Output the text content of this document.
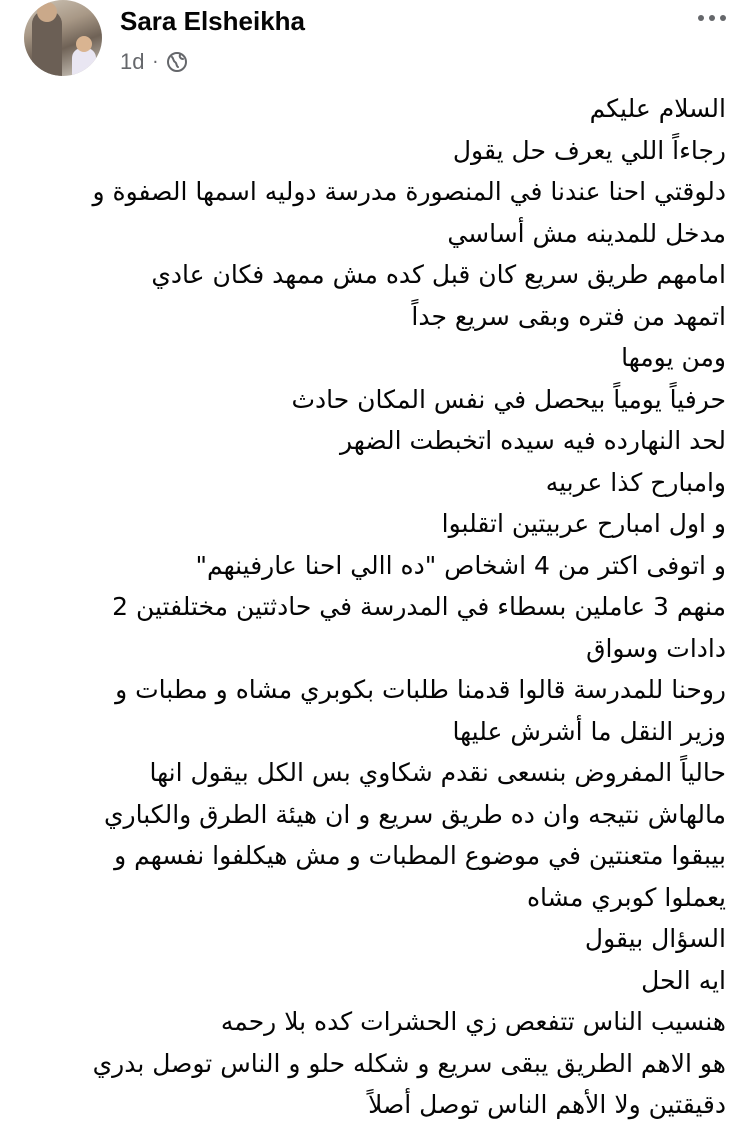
Sara Elsheikha
1d ·

السلام عليكم

رجاءاً اللي يعرف حل يقول

دلوقتي احنا عندنا في المنصورة مدرسة دوليه اسمها الصفوة و

مدخل للمدينه مش أساسي

امامهم طريق سريع كان قبل كده مش ممهد فكان عادي

اتمهد من فتره وبقى سريع جداً

ومن يومها

حرفياً يومياً بيحصل في نفس المكان حادث

لحد النهارده فيه سيده اتخبطت الضهر

وامبارح كذا عربيه

و اول امبارح عربيتين اتقلبوا

و اتوفى اكتر من 4 اشخاص "ده االي احنا عارفينهم"

منهم 3 عاملين بسطاء في المدرسة في حادثتين مختلفتين 2

دادات وسواق

روحنا للمدرسة قالوا قدمنا طلبات بكوبري مشاه و مطبات و

وزير النقل ما أشرش عليها

حالياً المفروض بنسعى نقدم شكاوي بس الكل بيقول انها

مالهاش نتيجه وان ده طريق سريع و ان هيئة الطرق والكباري

بيبقوا متعنتين في موضوع المطبات و مش هيكلفوا نفسهم و

يعملوا كوبري مشاه

السؤال بيقول

ايه الحل

هنسيب الناس تتفعص زي الحشرات كده بلا رحمه

هو الاهم الطريق يبقى سريع و شكله حلو و الناس توصل بدري

دقيقتين ولا الأهم الناس توصل أصلاً
